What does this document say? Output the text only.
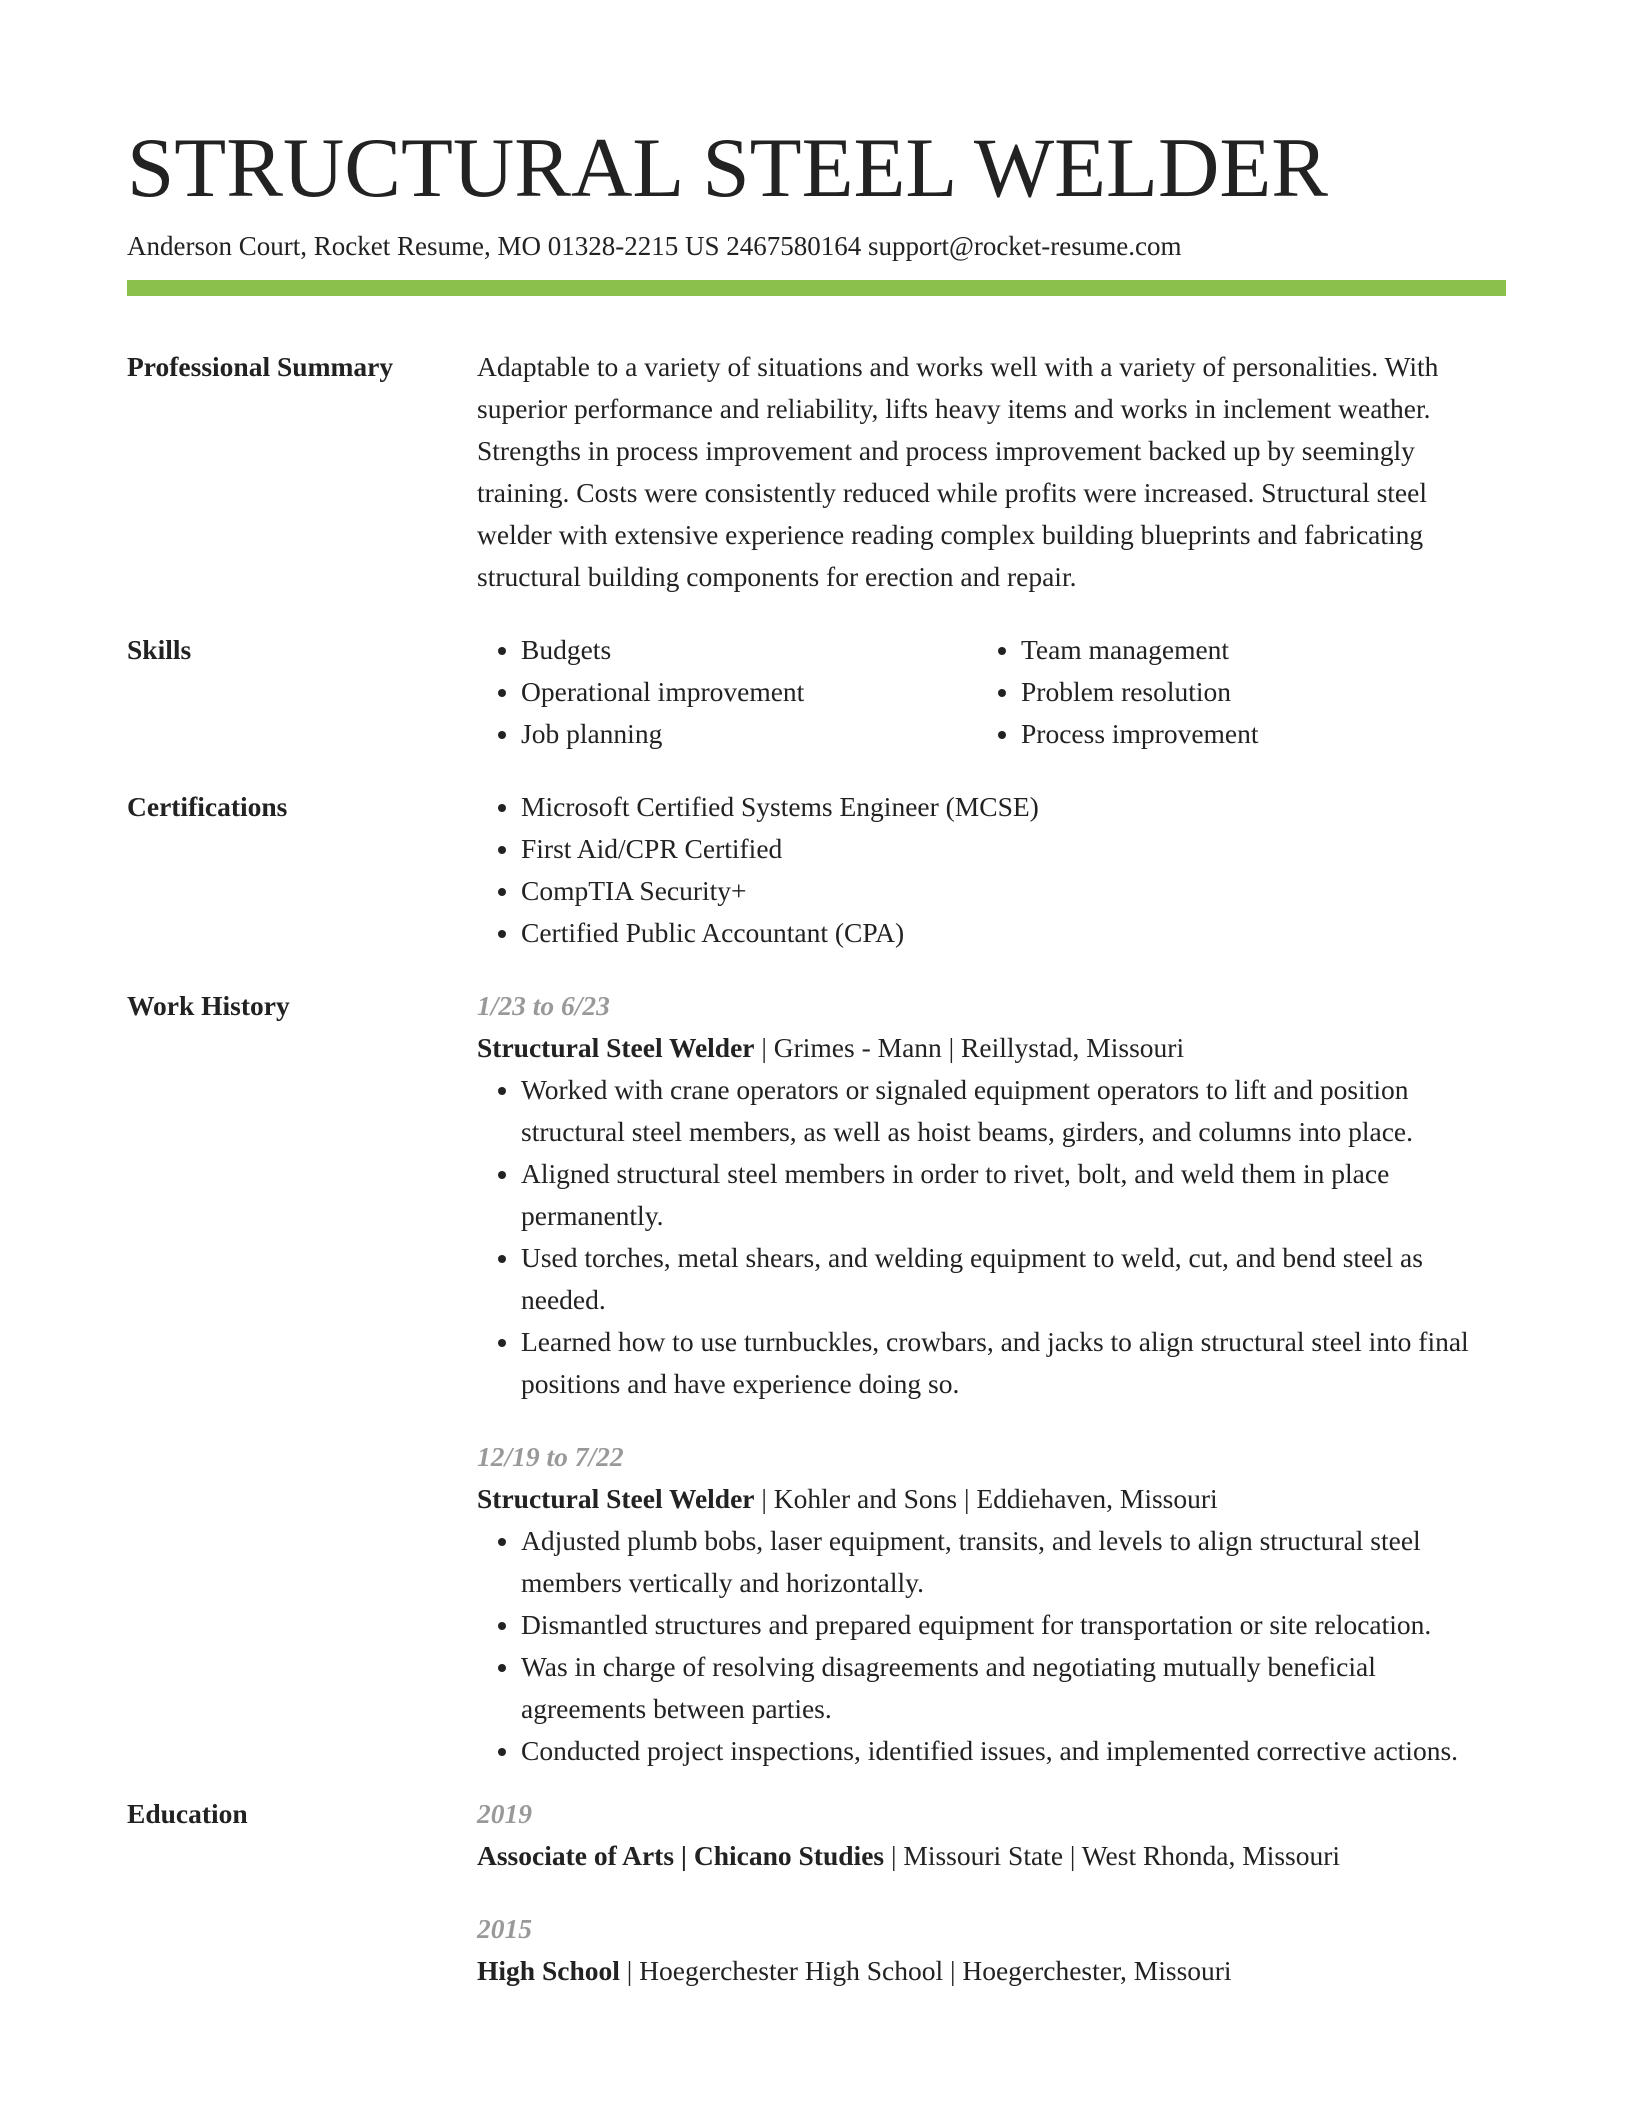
STRUCTURAL STEEL WELDER
Anderson Court, Rocket Resume, MO 01328-2215 US 2467580164 support@rocket-resume.com
Professional Summary	Adaptable to a variety of situations and works well with a variety of personalities. With superior performance and reliability, lifts heavy items and works in inclement weather. Strengths in process improvement and process improvement backed up by seemingly training. Costs were consistently reduced while profits were increased. Structural steel welder with extensive experience reading complex building blueprints and fabricating structural building components for erection and repair.
Skills	• Budgets
• Operational improvement
• Job planning
• Team management
• Problem resolution
• Process improvement
Certifications	• Microsoft Certified Systems Engineer (MCSE)
• First Aid/CPR Certified
• CompTIA Security+
• Certified Public Accountant (CPA)
Work History	1/23 to 6/23
Structural Steel Welder | Grimes - Mann | Reillystad, Missouri
• Worked with crane operators or signaled equipment operators to lift and position structural steel members, as well as hoist beams, girders, and columns into place.
• Aligned structural steel members in order to rivet, bolt, and weld them in place permanently.
• Used torches, metal shears, and welding equipment to weld, cut, and bend steel as needed.
• Learned how to use turnbuckles, crowbars, and jacks to align structural steel into final positions and have experience doing so.
12/19 to 7/22
Structural Steel Welder | Kohler and Sons | Eddiehaven, Missouri
• Adjusted plumb bobs, laser equipment, transits, and levels to align structural steel members vertically and horizontally.
• Dismantled structures and prepared equipment for transportation or site relocation.
• Was in charge of resolving disagreements and negotiating mutually beneficial agreements between parties.
• Conducted project inspections, identified issues, and implemented corrective actions.
Education	2019
Associate of Arts | Chicano Studies | Missouri State | West Rhonda, Missouri
2015
High School | Hoegerchester High School | Hoegerchester, Missouri
